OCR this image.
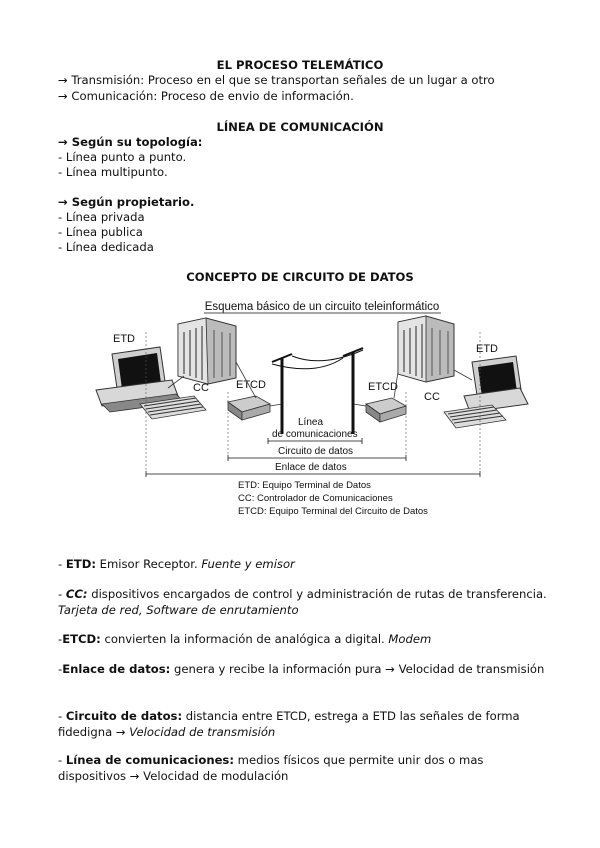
EL PROCESO TELEMÁTICO
→ Transmisión: Proceso en el que se transportan señales de un lugar a otro
→ Comunicación: Proceso de envio de información.
LÍNEA DE COMUNICACIÓN
→ Según su topología:
- Línea punto a punto.
- Línea multipunto.
→ Según propietario.
- Línea privada
- Línea publica
- Línea dedicada
CONCEPTO DE CIRCUITO DE DATOS
Esquema básico de un circuito teleinformático
ETD
CC
CC
ETD
ETCD	ETCD
Línea
de comunicaciones
Circuito de datos
Enlace de datos
ETD: Equipo Terminal de Datos
CC: Controlador de Comunicaciones
ETCD: Equipo Terminal del Circuito de Datos
- ETD: Emisor Receptor. Fuente y emisor
- CC: dispositivos encargados de control y administración de rutas de transferencia. Tarjeta de red, Software de enrutamiento
-ETCD: convierten la información de analógica a digital. Modem
-Enlace de datos: genera y recibe la información pura → Velocidad de transmisión
- Circuito de datos: distancia entre ETCD, estrega a ETD las señales de forma fidedigna → Velocidad de transmisión
- Línea de comunicaciones: medios físicos que permite unir dos o mas dispositivos → Velocidad de modulación
